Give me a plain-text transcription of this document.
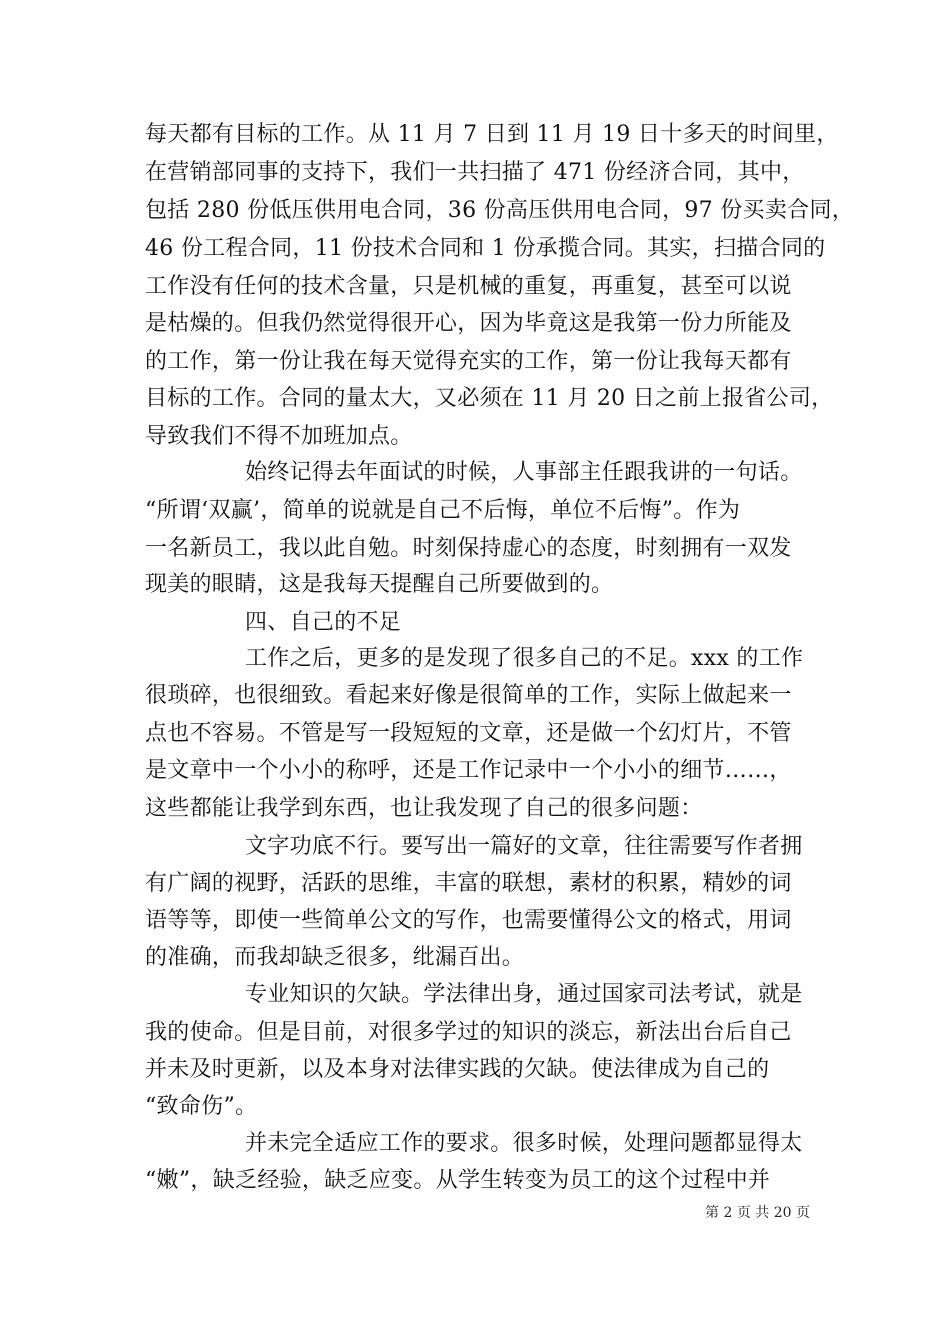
每天都有目标的工作。从 11 月 7 日到 11 月 19 日十多天的时间里，
在营销部同事的支持下，我们一共扫描了 471 份经济合同，其中，
包括 280 份低压供用电合同，36 份高压供用电合同，97 份买卖合同，
46 份工程合同，11 份技术合同和 1 份承揽合同。其实，扫描合同的
工作没有任何的技术含量，只是机械的重复，再重复，甚至可以说
是枯燥的。但我仍然觉得很开心，因为毕竟这是我第一份力所能及
的工作，第一份让我在每天觉得充实的工作，第一份让我每天都有
目标的工作。合同的量太大，又必须在 11 月 20 日之前上报省公司，
导致我们不得不加班加点。
始终记得去年面试的时候，人事部主任跟我讲的一句话。
“所谓‘双赢’，简单的说就是自己不后悔，单位不后悔”。作为
一名新员工，我以此自勉。时刻保持虚心的态度，时刻拥有一双发
现美的眼睛，这是我每天提醒自己所要做到的。
四、自己的不足
工作之后，更多的是发现了很多自己的不足。xxx 的工作
很琐碎，也很细致。看起来好像是很简单的工作，实际上做起来一
点也不容易。不管是写一段短短的文章，还是做一个幻灯片，不管
是文章中一个小小的称呼，还是工作记录中一个小小的细节……，
这些都能让我学到东西，也让我发现了自己的很多问题：
文字功底不行。要写出一篇好的文章，往往需要写作者拥
有广阔的视野，活跃的思维，丰富的联想，素材的积累，精妙的词
语等等，即使一些简单公文的写作，也需要懂得公文的格式，用词
的准确，而我却缺乏很多，纰漏百出。
专业知识的欠缺。学法律出身，通过国家司法考试，就是
我的使命。但是目前，对很多学过的知识的淡忘，新法出台后自己
并未及时更新，以及本身对法律实践的欠缺。使法律成为自己的
“致命伤”。
并未完全适应工作的要求。很多时候，处理问题都显得太
“嫩”，缺乏经验，缺乏应变。从学生转变为员工的这个过程中并
第 2 页 共 20 页
